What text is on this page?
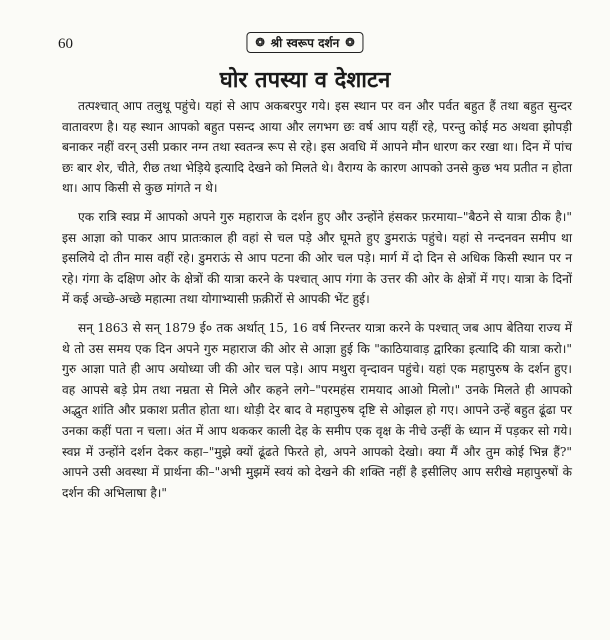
60	❂ श्री स्वरूप दर्शन ❂
घोर तपस्या व देशाटन

तत्पश्चात् आप तलुथू पहुंचे। यहां से आप अकबरपुर गये। इस स्थान पर वन और पर्वत बहुत हैं तथा बहुत सुन्दर वातावरण है। यह स्थान आपको बहुत पसन्द आया और लगभग छः वर्ष आप यहीं रहे, परन्तु कोई मठ अथवा झोपड़ी बनाकर नहीं वरन् उसी प्रकार नग्न तथा स्वतन्त्र रूप से रहे। इस अवधि में आपने मौन धारण कर रखा था। दिन में पांच छः बार शेर, चीते, रीछ तथा भेड़िये इत्यादि देखने को मिलते थे। वैराग्य के कारण आपको उनसे कुछ भय प्रतीत न होता था। आप किसी से कुछ मांगते न थे।

एक रात्रि स्वप्न में आपको अपने गुरु महाराज के दर्शन हुए और उन्होंने हंसकर फ़रमाया–"बैठने से यात्रा ठीक है।" इस आज्ञा को पाकर आप प्रातःकाल ही वहां से चल पड़े और घूमते हुए डुमराऊं पहुंचे। यहां से नन्दनवन समीप था इसलिये दो तीन मास वहीं रहे। डुमराऊं से आप पटना की ओर चल पड़े। मार्ग में दो दिन से अधिक किसी स्थान पर न रहे। गंगा के दक्षिण ओर के क्षेत्रों की यात्रा करने के पश्चात् आप गंगा के उत्तर की ओर के क्षेत्रों में गए। यात्रा के दिनों में कई अच्छे-अच्छे महात्मा तथा योगाभ्यासी फ़क़ीरों से आपकी भेंट हुई।

सन् 1863 से सन् 1879 ई० तक अर्थात् 15, 16 वर्ष निरन्तर यात्रा करने के पश्चात् जब आप बेतिया राज्य में थे तो उस समय एक दिन अपने गुरु महाराज की ओर से आज्ञा हुई कि "काठियावाड़ द्वारिका इत्यादि की यात्रा करो।" गुरु आज्ञा पाते ही आप अयोध्या जी की ओर चल पड़े। आप मथुरा वृन्दावन पहुंचे। यहां एक महापुरुष के दर्शन हुए। वह आपसे बड़े प्रेम तथा नम्रता से मिले और कहने लगे–"परमहंस रामयाद आओ मिलो।" उनके मिलते ही आपको अद्भुत शांति और प्रकाश प्रतीत होता था। थोड़ी देर बाद वे महापुरुष दृष्टि से ओझल हो गए। आपने उन्हें बहुत ढूंढा पर उनका कहीं पता न चला। अंत में आप थककर काली देह के समीप एक वृक्ष के नीचे उन्हीं के ध्यान में पड़कर सो गये। स्वप्न में उन्होंने दर्शन देकर कहा–"मुझे क्यों ढूंढते फिरते हो, अपने आपको देखो। क्या मैं और तुम कोई भिन्न हैं?" आपने उसी अवस्था में प्रार्थना की–"अभी मुझमें स्वयं को देखने की शक्ति नहीं है इसीलिए आप सरीखे महापुरुषों के दर्शन की अभिलाषा है।"
